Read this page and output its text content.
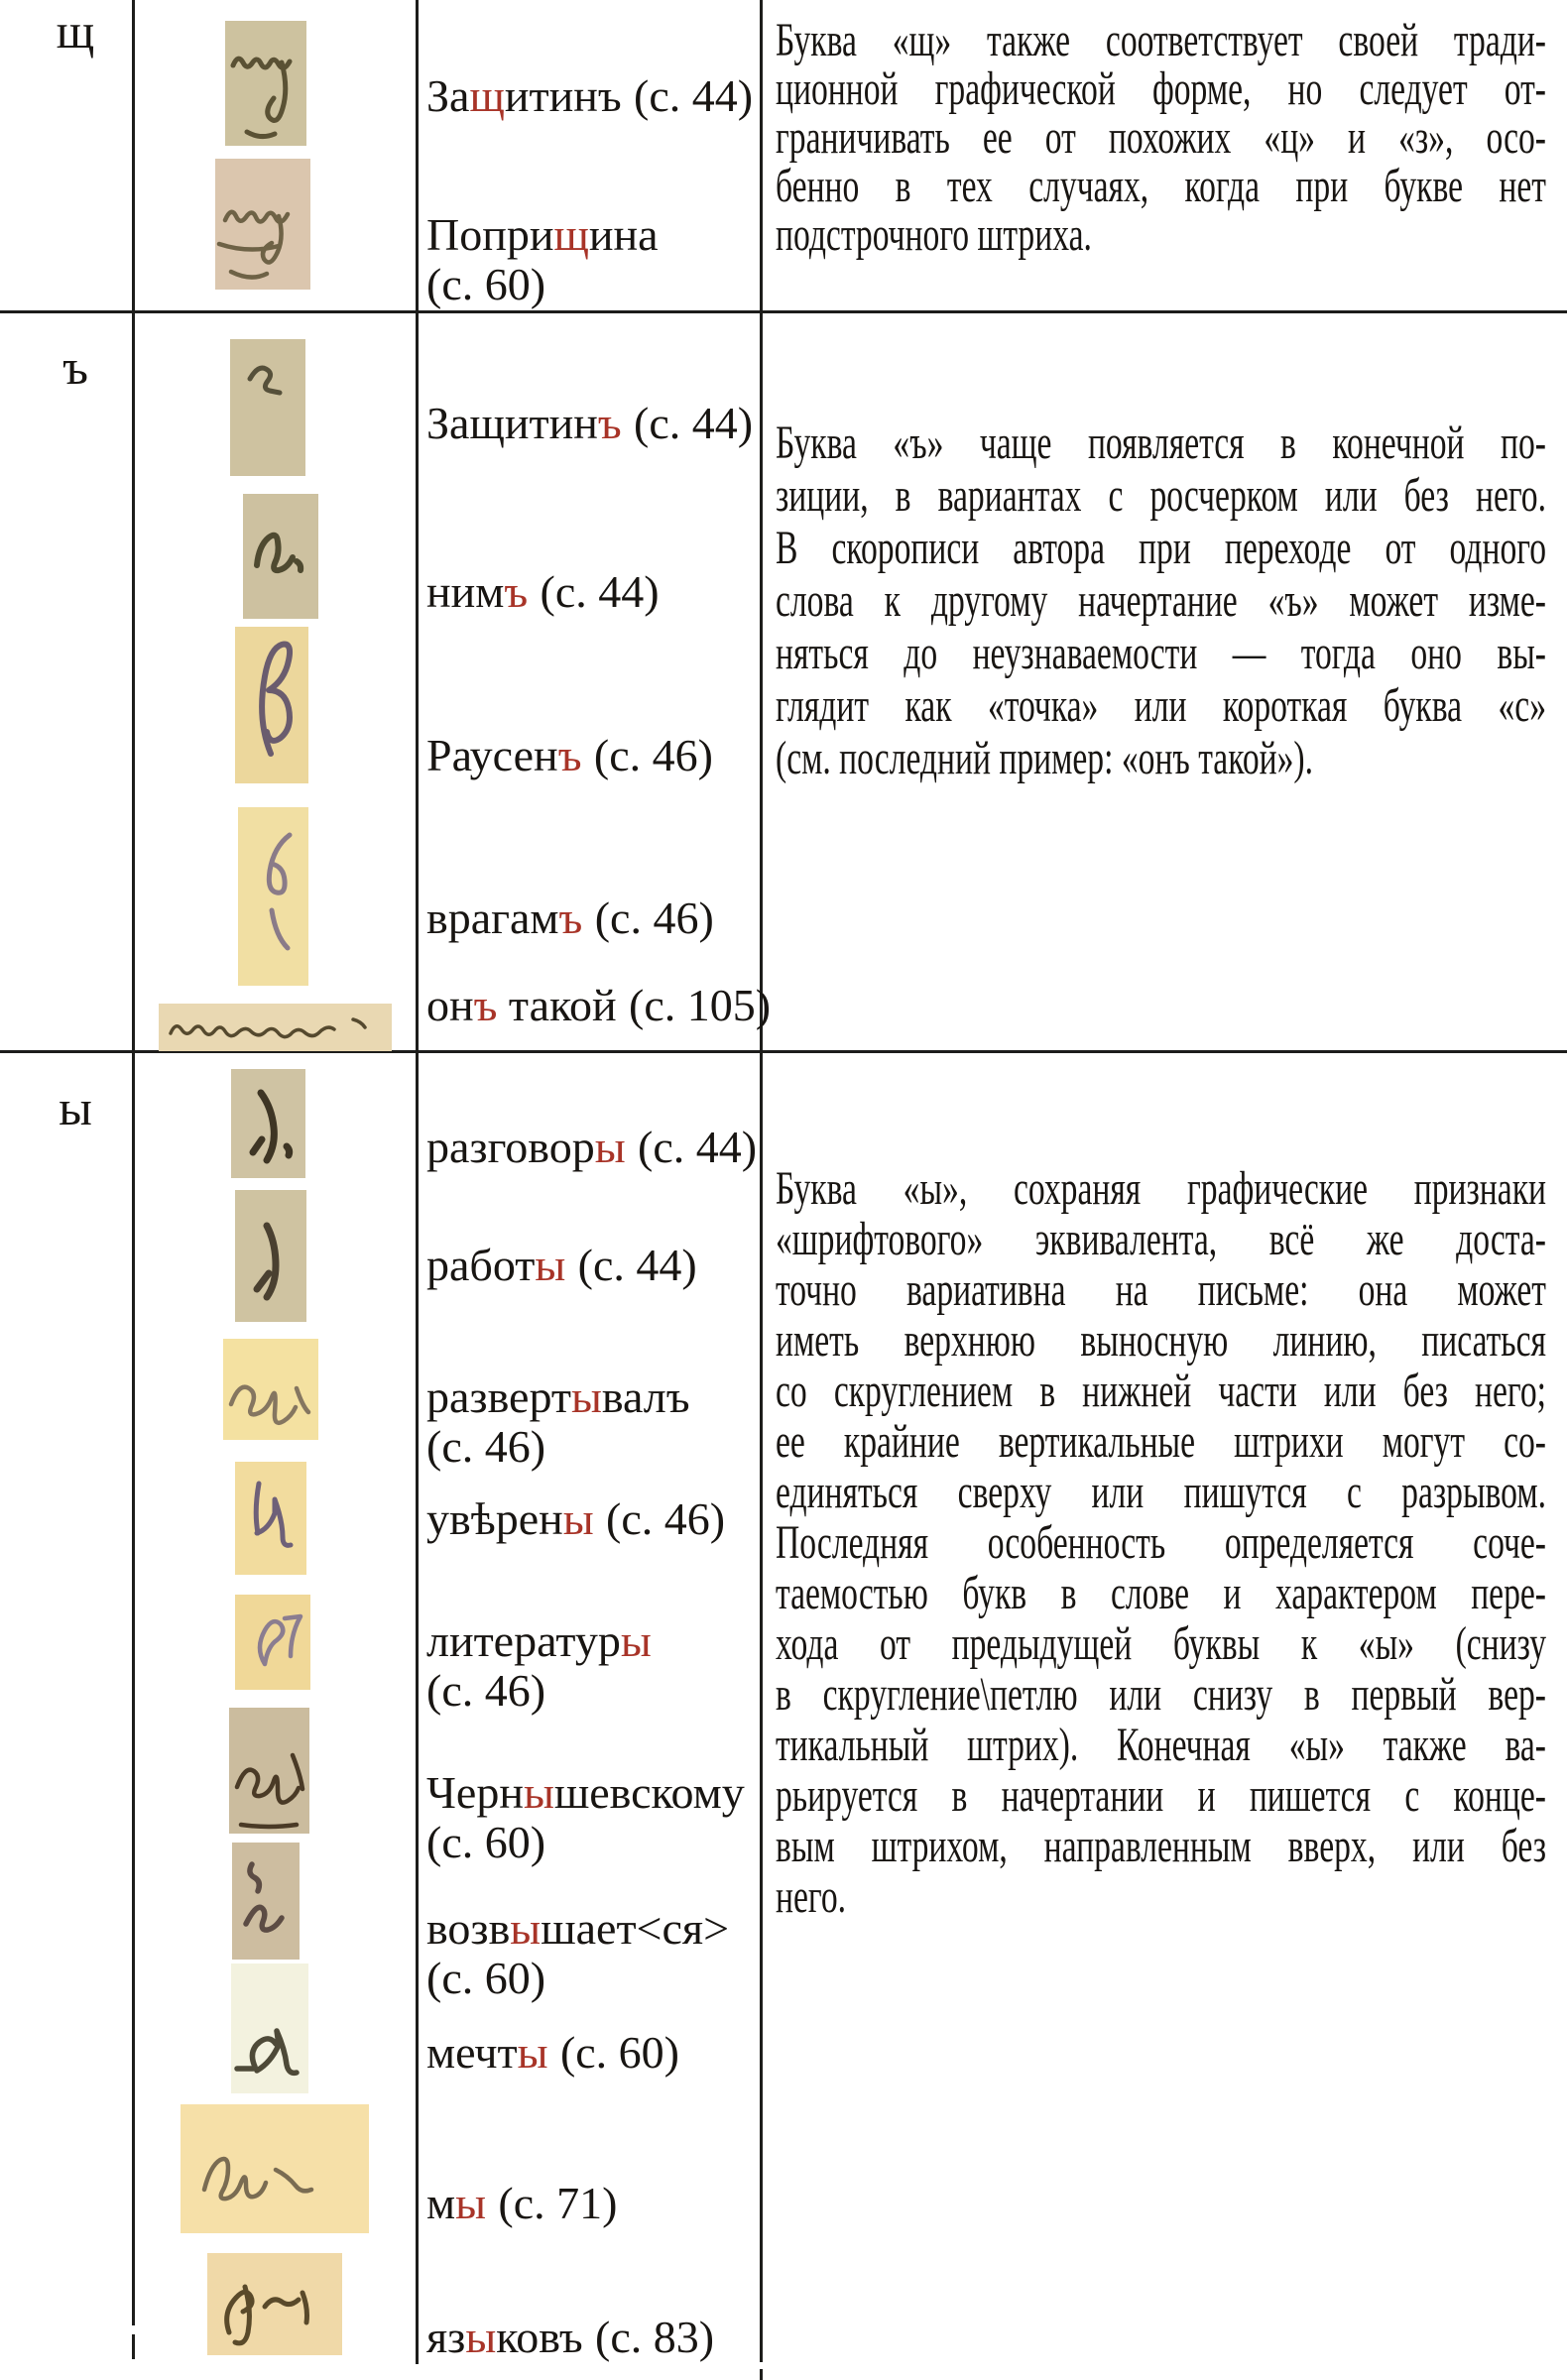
щ
Защитинъ (с. 44)
Поприщина
(с. 60)
Буква «щ» также соответствует своей тради-
ционной графической форме, но следует от-
граничивать ее от похожих «ц» и «з», осо-
бенно в тех случаях, когда при букве нет
подстрочного штриха.
ъ
Защитинъ (с. 44)
нимъ (с. 44)
Раусенъ (с. 46)
врагамъ (с. 46)
онъ такой (с. 105)
Буква «ъ» чаще появляется в конечной по-
зиции, в вариантах с росчерком или без него.
В скорописи автора при переходе от одного
слова к другому начертание «ъ» может изме-
няться до неузнаваемости — тогда оно вы-
глядит как «точка» или короткая буква «с»
(см. последний пример: «онъ такой»).
ы
разговоры (с. 44)
работы (с. 44)
развертывалъ
(с. 46)
увѣрены (с. 46)
литературы
(с. 46)
Чернышевскому
(с. 60)
возвышает<ся>
(с. 60)
мечты (с. 60)
мы (с. 71)
языковъ (с. 83)
Буква «ы», сохраняя графические признаки
«шрифтового» эквивалента, всё же доста-
точно вариативна на письме: она может
иметь верхнюю выносную линию, писаться
со скруглением в нижней части или без него;
ее крайние вертикальные штрихи могут со-
единяться сверху или пишутся с разрывом.
Последняя особенность определяется соче-
таемостью букв в слове и характером пере-
хода от предыдущей буквы к «ы» (снизу
в скругление\петлю или снизу в первый вер-
тикальный штрих). Конечная «ы» также ва-
рьируется в начертании и пишется с конце-
вым штрихом, направленным вверх, или без
него.
